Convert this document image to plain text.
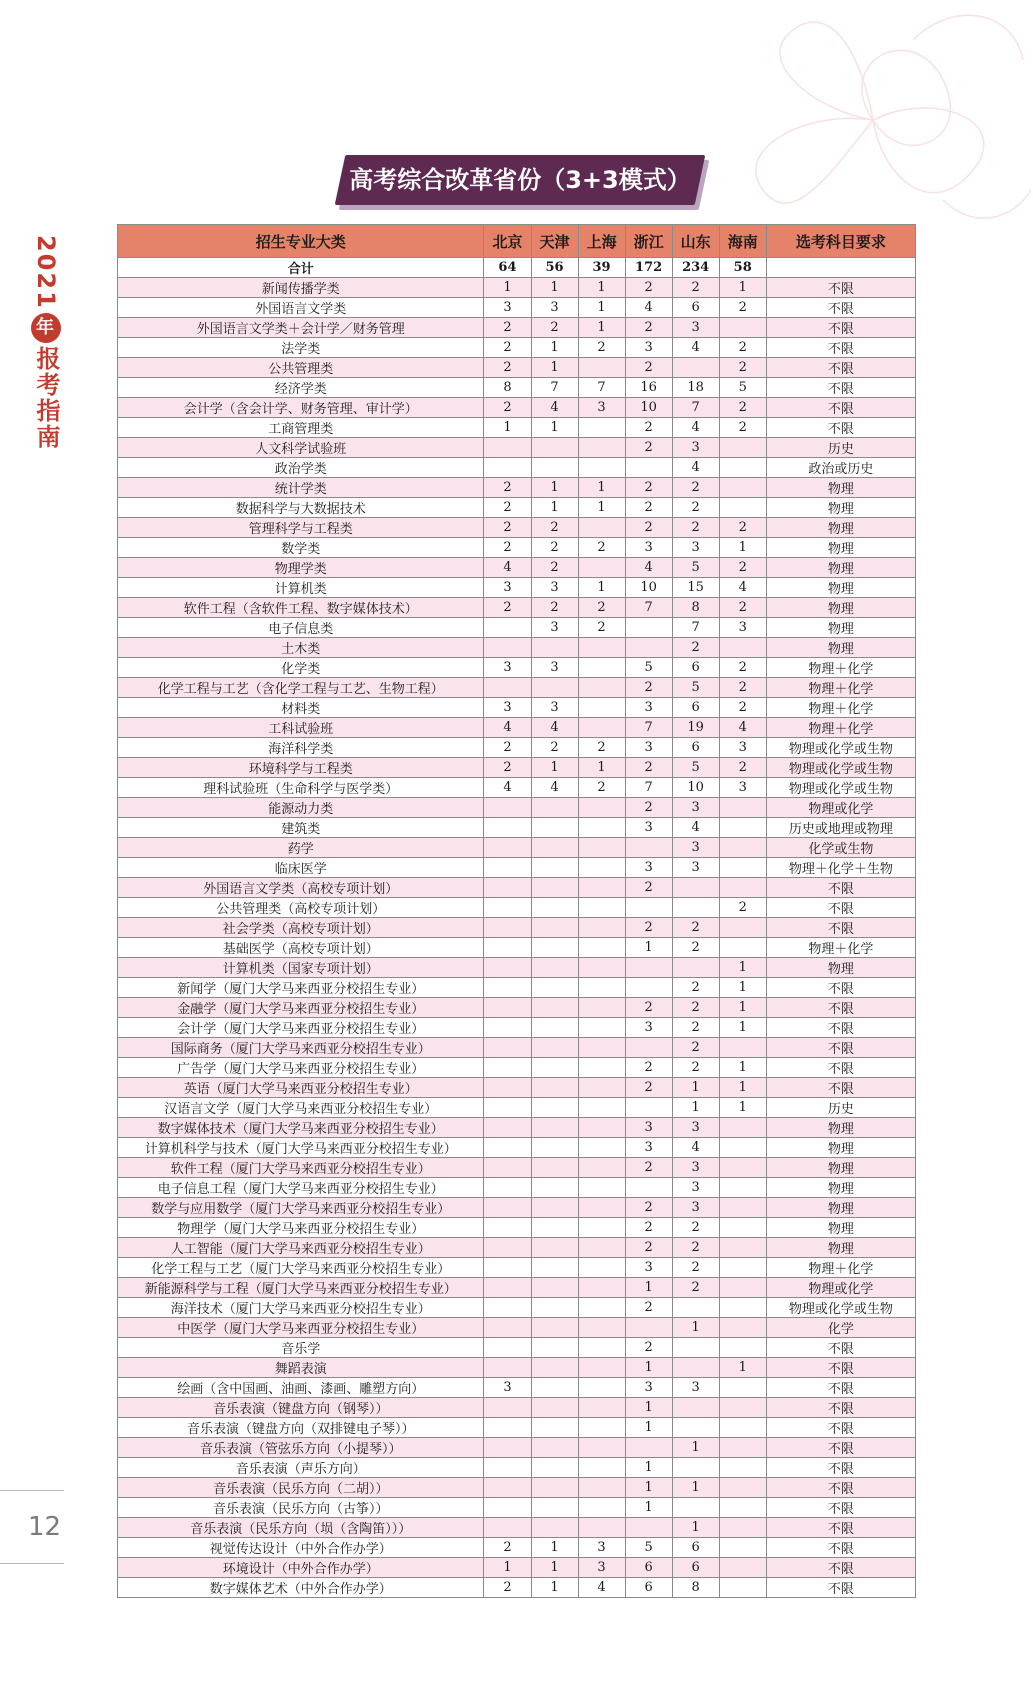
2021年报考指南
12
高考综合改革省份（3+3模式）
招生专业大类	北京	天津	上海	浙江	山东	海南	选考科目要求
合计	64	56	39	172	234	58	
新闻传播学类	1	1	1	2	2	1	不限
外国语言文学类	3	3	1	4	6	2	不限
外国语言文学类＋会计学／财务管理	2	2	1	2	3		不限
法学类	2	1	2	3	4	2	不限
公共管理类	2	1		2		2	不限
经济学类	8	7	7	16	18	5	不限
会计学（含会计学、财务管理、审计学）	2	4	3	10	7	2	不限
工商管理类	1	1		2	4	2	不限
人文科学试验班				2	3		历史
政治学类					4		政治或历史
统计学类	2	1	1	2	2		物理
数据科学与大数据技术	2	1	1	2	2		物理
管理科学与工程类	2	2		2	2	2	物理
数学类	2	2	2	3	3	1	物理
物理学类	4	2		4	5	2	物理
计算机类	3	3	1	10	15	4	物理
软件工程（含软件工程、数字媒体技术）	2	2	2	7	8	2	物理
电子信息类		3	2		7	3	物理
土木类					2		物理
化学类	3	3		5	6	2	物理＋化学
化学工程与工艺（含化学工程与工艺、生物工程）				2	5	2	物理＋化学
材料类	3	3		3	6	2	物理＋化学
工科试验班	4	4		7	19	4	物理＋化学
海洋科学类	2	2	2	3	6	3	物理或化学或生物
环境科学与工程类	2	1	1	2	5	2	物理或化学或生物
理科试验班（生命科学与医学类）	4	4	2	7	10	3	物理或化学或生物
能源动力类				2	3		物理或化学
建筑类				3	4		历史或地理或物理
药学					3		化学或生物
临床医学				3	3		物理＋化学＋生物
外国语言文学类（高校专项计划）				2			不限
公共管理类（高校专项计划）						2	不限
社会学类（高校专项计划）				2	2		不限
基础医学（高校专项计划）				1	2		物理＋化学
计算机类（国家专项计划）						1	物理
新闻学（厦门大学马来西亚分校招生专业）					2	1	不限
金融学（厦门大学马来西亚分校招生专业）				2	2	1	不限
会计学（厦门大学马来西亚分校招生专业）				3	2	1	不限
国际商务（厦门大学马来西亚分校招生专业）					2		不限
广告学（厦门大学马来西亚分校招生专业）				2	2	1	不限
英语（厦门大学马来西亚分校招生专业）				2	1	1	不限
汉语言文学（厦门大学马来西亚分校招生专业）					1	1	历史
数字媒体技术（厦门大学马来西亚分校招生专业）				3	3		物理
计算机科学与技术（厦门大学马来西亚分校招生专业）				3	4		物理
软件工程（厦门大学马来西亚分校招生专业）				2	3		物理
电子信息工程（厦门大学马来西亚分校招生专业）					3		物理
数学与应用数学（厦门大学马来西亚分校招生专业）				2	3		物理
物理学（厦门大学马来西亚分校招生专业）				2	2		物理
人工智能（厦门大学马来西亚分校招生专业）				2	2		物理
化学工程与工艺（厦门大学马来西亚分校招生专业）				3	2		物理＋化学
新能源科学与工程（厦门大学马来西亚分校招生专业）				1	2		物理或化学
海洋技术（厦门大学马来西亚分校招生专业）				2			物理或化学或生物
中医学（厦门大学马来西亚分校招生专业）					1		化学
音乐学				2			不限
舞蹈表演				1		1	不限
绘画（含中国画、油画、漆画、雕塑方向）	3			3	3		不限
音乐表演（键盘方向（钢琴））				1			不限
音乐表演（键盘方向（双排键电子琴））				1			不限
音乐表演（管弦乐方向（小提琴））					1		不限
音乐表演（声乐方向）				1			不限
音乐表演（民乐方向（二胡））				1	1		不限
音乐表演（民乐方向（古筝））				1			不限
音乐表演（民乐方向（埙（含陶笛）））					1		不限
视觉传达设计（中外合作办学）	2	1	3	5	6		不限
环境设计（中外合作办学）	1	1	3	6	6		不限
数字媒体艺术（中外合作办学）	2	1	4	6	8		不限
